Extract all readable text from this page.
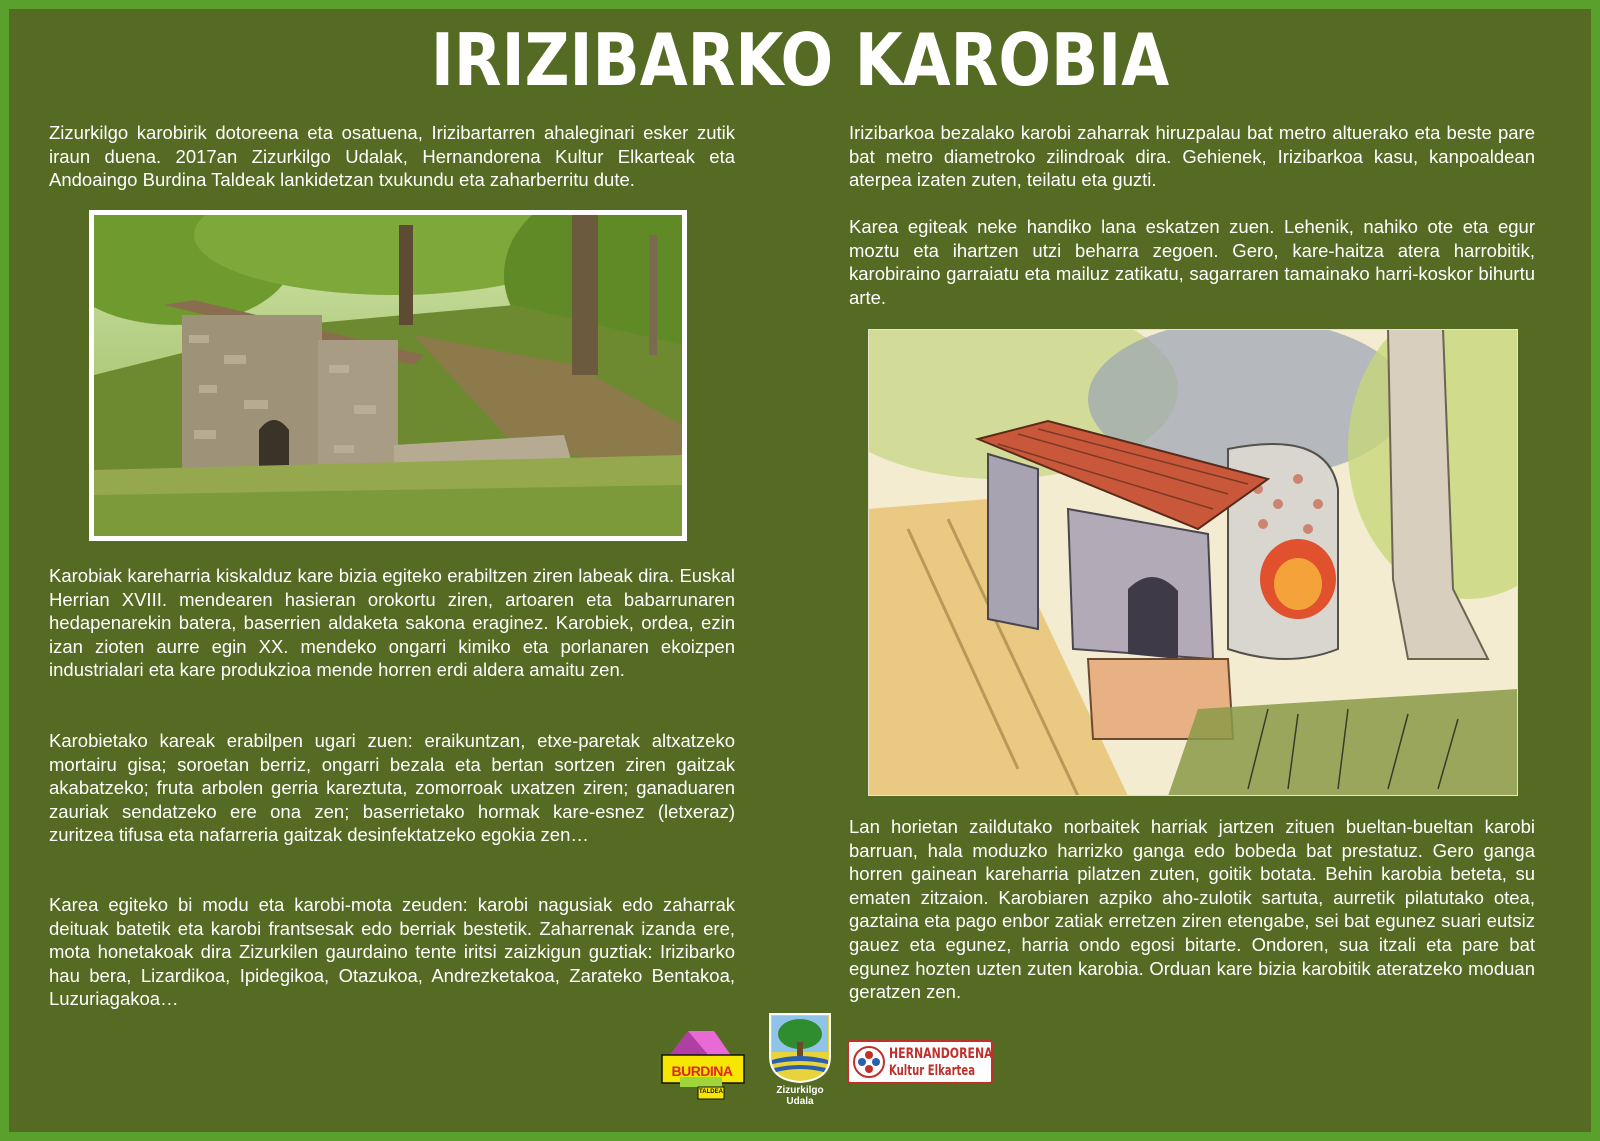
IRIZIBARKO KAROBIA

Zizurkilgo karobirik dotoreena eta osatuena, Irizibartarren ahaleginari esker zutik iraun duena. 2017an Zizurkilgo Udalak, Hernandorena Kultur Elkarteak eta Andoaingo Burdina Taldeak lankidetzan txukundu eta zaharberritu dute.

Karobiak kareharria kiskalduz kare bizia egiteko erabiltzen ziren labeak dira. Euskal Herrian XVIII. mendearen hasieran orokortu ziren, artoaren eta babarrunaren hedapenarekin batera, baserrien aldaketa sakona eraginez. Karobiek, ordea, ezin izan zioten aurre egin XX. mendeko ongarri kimiko eta porlanaren ekoizpen industrialari eta kare produkzioa mende horren erdi aldera amaitu zen.

Karobietako kareak erabilpen ugari zuen: eraikuntzan, etxe-paretak altxatzeko mortairu gisa; soroetan berriz, ongarri bezala eta bertan sortzen ziren gaitzak akabatzeko; fruta arbolen gerria kareztuta, zomorroak uxatzen ziren; ganaduaren zauriak sendatzeko ere ona zen; baserrietako hormak kare-esnez (letxeraz) zuritzea tifusa eta nafarreria gaitzak desinfektatzeko egokia zen…

Karea egiteko bi modu eta karobi-mota zeuden: karobi nagusiak edo zaharrak deituak batetik eta karobi frantsesak edo berriak bestetik. Zaharrenak izanda ere, mota honetakoak dira Zizurkilen gaurdaino tente iritsi zaizkigun guztiak: Irizibarko hau bera, Lizardikoa, Ipidegikoa, Otazukoa, Andrezketakoa, Zarateko Bentakoa, Luzuriagakoa…

Irizibarkoa bezalako karobi zaharrak hiruzpalau bat metro altuerako eta beste pare bat metro diametroko zilindroak dira. Gehienek, Irizibarkoa kasu, kanpoaldean aterpea izaten zuten, teilatu eta guzti.

Karea egiteak neke handiko lana eskatzen zuen. Lehenik, nahiko ote eta egur moztu eta ihartzen utzi beharra zegoen. Gero, kare-haitza atera harrobitik, karobiraino garraiatu eta mailuz zatikatu, sagarraren tamainako harri-koskor bihurtu arte.

Lan horietan zaildutako norbaitek harriak jartzen zituen bueltan-bueltan karobi barruan, hala moduzko harrizko ganga edo bobeda bat prestatuz. Gero ganga horren gainean kareharria pilatzen zuten, goitik botata. Behin karobia beteta, su ematen zitzaion. Karobiaren azpiko aho-zulotik sartuta, aurretik pilatutako otea, gaztaina eta pago enbor zatiak erretzen ziren etengabe, sei bat egunez suari eutsiz gauez eta egunez, harria ondo egosi bitarte. Ondoren, sua itzali eta pare bat egunez hozten uzten zuten karobia. Orduan kare bizia karobitik ateratzeko moduan geratzen zen.

BURDINA
TALDEA	Zizurkilgo
Udala
HERNANDORENA
Kultur Elkartea
